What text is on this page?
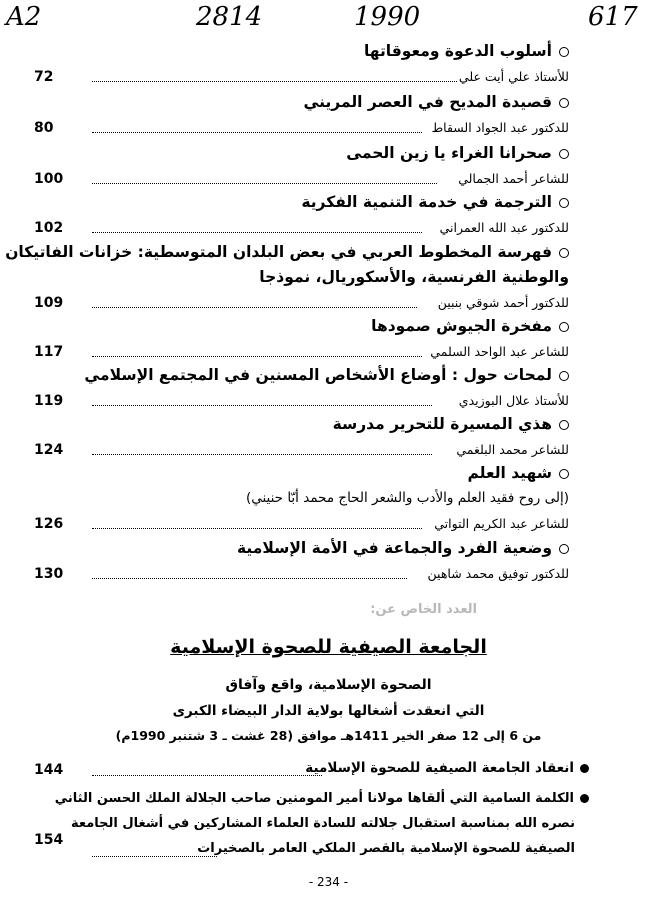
A2	2814	1990	617
أسلوب الدعوة ومعوقاتها
للأستاذ علي أيت علي
72
قصيدة المديح في العصر المريني
للدكتور عبد الجواد السقاط
80
صحرانا الغراء يا زين الحمى
للشاعر أحمد الجمالي
100
الترجمة في خدمة التنمية الفكرية
للدكتور عبد الله العمراني
102
فهرسة المخطوط العربي في بعض البلدان المتوسطية: خزانات الفاتيكان
والوطنية الفرنسية، والأسكوريال، نموذجا
للدكتور أحمد شوقي بنبين
109
مفخرة الجيوش صمودها
للشاعر عبد الواحد السلمي
117
لمحات حول : أوضاع الأشخاص المسنين في المجتمع الإسلامي
للأستاذ علال البوزيدي
119
هذي المسيرة للتحرير مدرسة
للشاعر محمد البلغمي
124
شهيد العلم
(إلى روح فقيد العلم والأدب والشعر الحاج محمد أبّا حنيني)
للشاعر عبد الكريم التواتي
126
وضعية الفرد والجماعة في الأمة الإسلامية
للدكتور توفيق محمد شاهين
130
العدد الخاص عن:
الجامعة الصيفية للصحوة الإسلامية
الصحوة الإسلامية، واقع وآفاق
التي انعقدت أشغالها بولاية الدار البيضاء الكبرى
من 6 إلى 12 صفر الخير 1411هـ موافق (28 غشت ـ 3 شتنبر 1990م)
انعقاد الجامعة الصيفية للصحوة الإسلامية
144
الكلمة السامية التي ألقاها مولانا أمير المومنين صاحب الجلالة الملك الحسن الثاني
نصره الله بمناسبة استقبال جلالته للسادة العلماء المشاركين في أشغال الجامعة
الصيفية للصحوة الإسلامية بالقصر الملكي العامر بالصخيرات
154
- 234 -
